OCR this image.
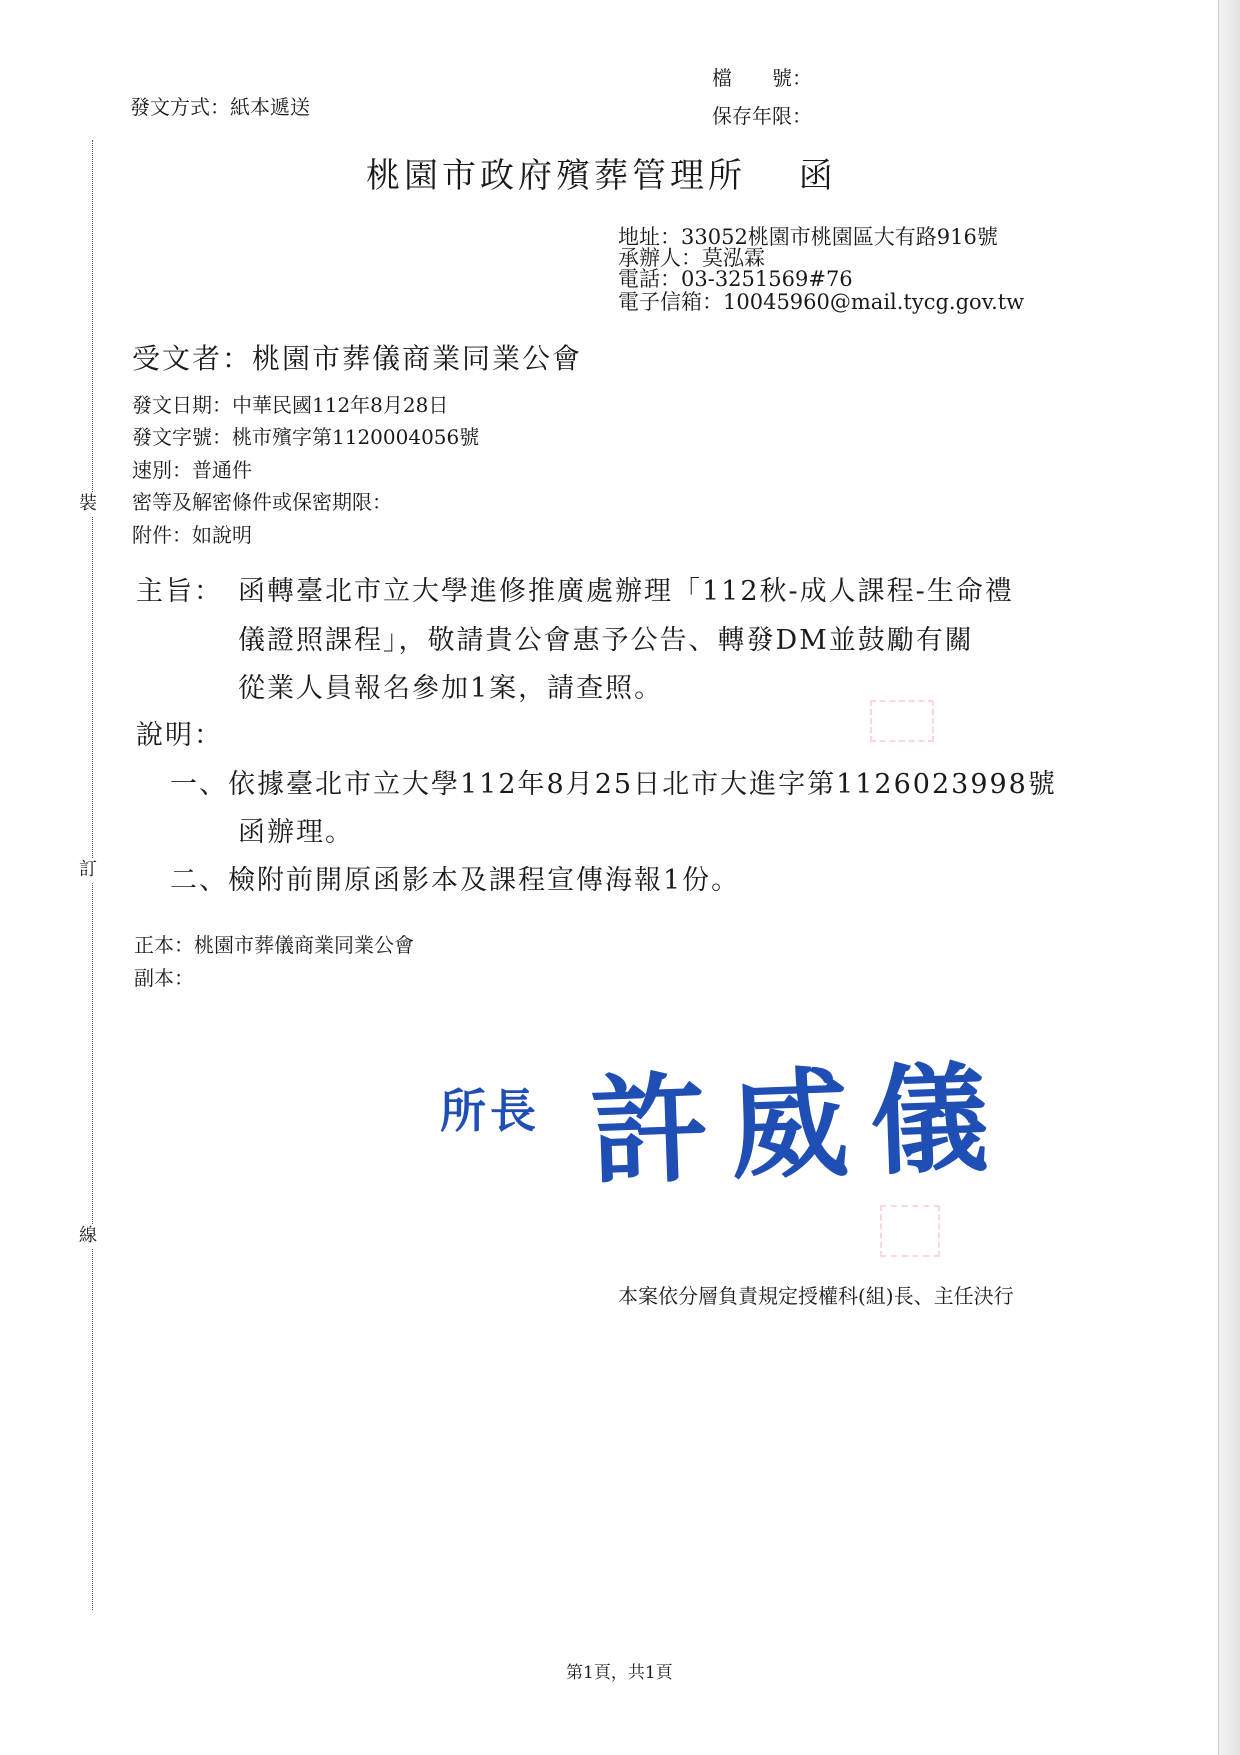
裝
訂
線
發文方式：紙本遞送
檔　　號：
保存年限：
桃園市政府殯葬管理所　 函
地址：33052桃園市桃園區大有路916號
承辦人：莫泓霖
電話：03-3251569#76
電子信箱：10045960@mail.tycg.gov.tw
受文者：桃園市葬儀商業同業公會
發文日期：中華民國112年8月28日
發文字號：桃市殯字第1120004056號
速別：普通件
密等及解密條件或保密期限：
附件：如說明
主旨： 函轉臺北市立大學進修推廣處辦理「112秋-成人課程-生命禮
儀證照課程」，敬請貴公會惠予公告、轉發DM並鼓勵有關
從業人員報名參加1案，請查照。
說明：
一、依據臺北市立大學112年8月25日北市大進字第1126023998號
函辦理。
二、檢附前開原函影本及課程宣傳海報1份。
正本：桃園市葬儀商業同業公會
副本：
所長 許威儀
本案依分層負責規定授權科(組)長、主任決行
第1頁，共1頁
